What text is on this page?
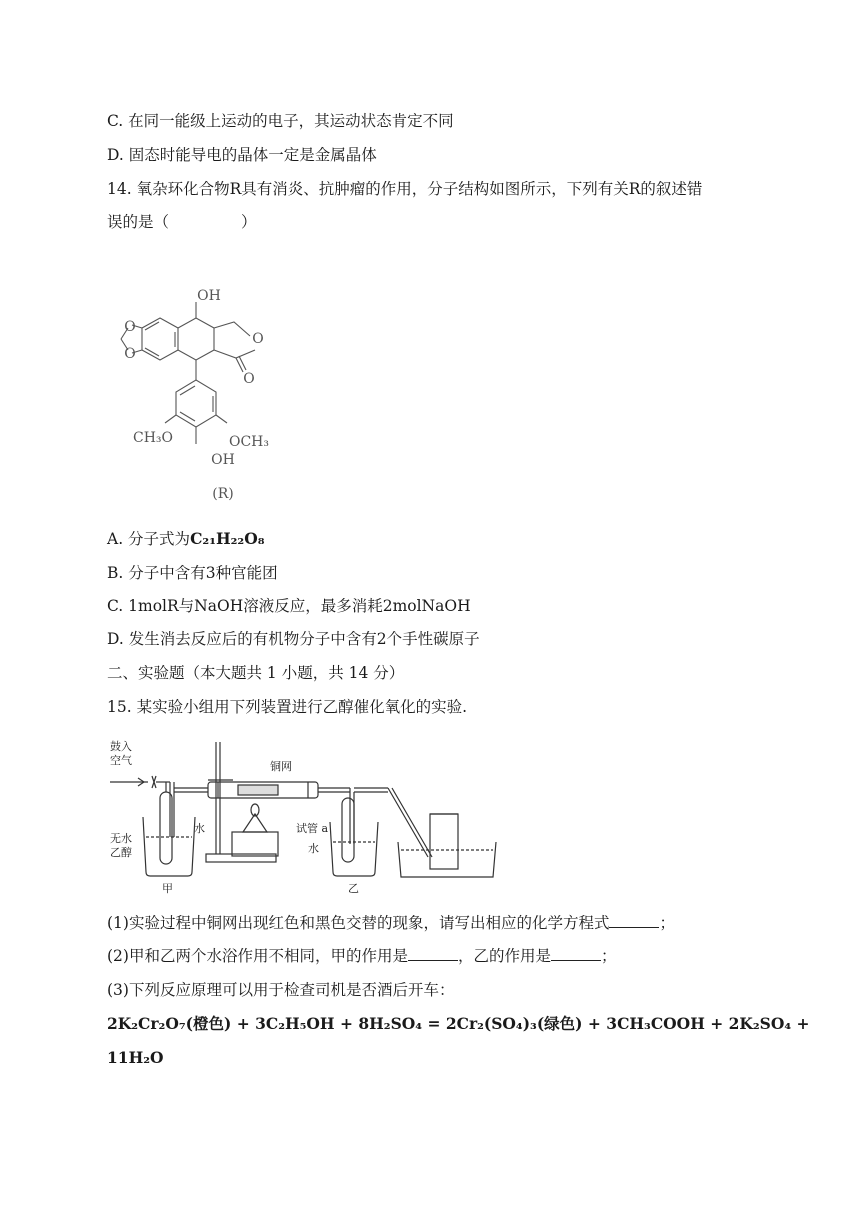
C. 在同一能级上运动的电子，其运动状态肯定不同
D. 固态时能导电的晶体一定是金属晶体
14. 氧杂环化合物R具有消炎、抗肿瘤的作用，分子结构如图所示，下列有关R的叙述错
误的是（	）
OH
O
O
O
O
CH₃O	OCH₃
OH
(R)
A. 分子式为C₂₁H₂₂O₈
B. 分子中含有3种官能团
C. 1molR与NaOH溶液反应，最多消耗2molNaOH
D. 发生消去反应后的有机物分子中含有2个手性碳原子
二、实验题（本大题共 1 小题，共 14 分）
15. 某实验小组用下列装置进行乙醇催化氧化的实验.
鼓入
空气	铜网
无水
乙醇
水	试管 a
水
甲	乙
(1)实验过程中铜网出现红色和黑色交替的现象，请写出相应的化学方程式	；
(2)甲和乙两个水浴作用不相同，甲的作用是	，乙的作用是	；
(3)下列反应原理可以用于检查司机是否酒后开车：
2K₂Cr₂O₇(橙色) + 3C₂H₅OH + 8H₂SO₄ = 2Cr₂(SO₄)₃(绿色) + 3CH₃COOH + 2K₂SO₄ +
11H₂O
